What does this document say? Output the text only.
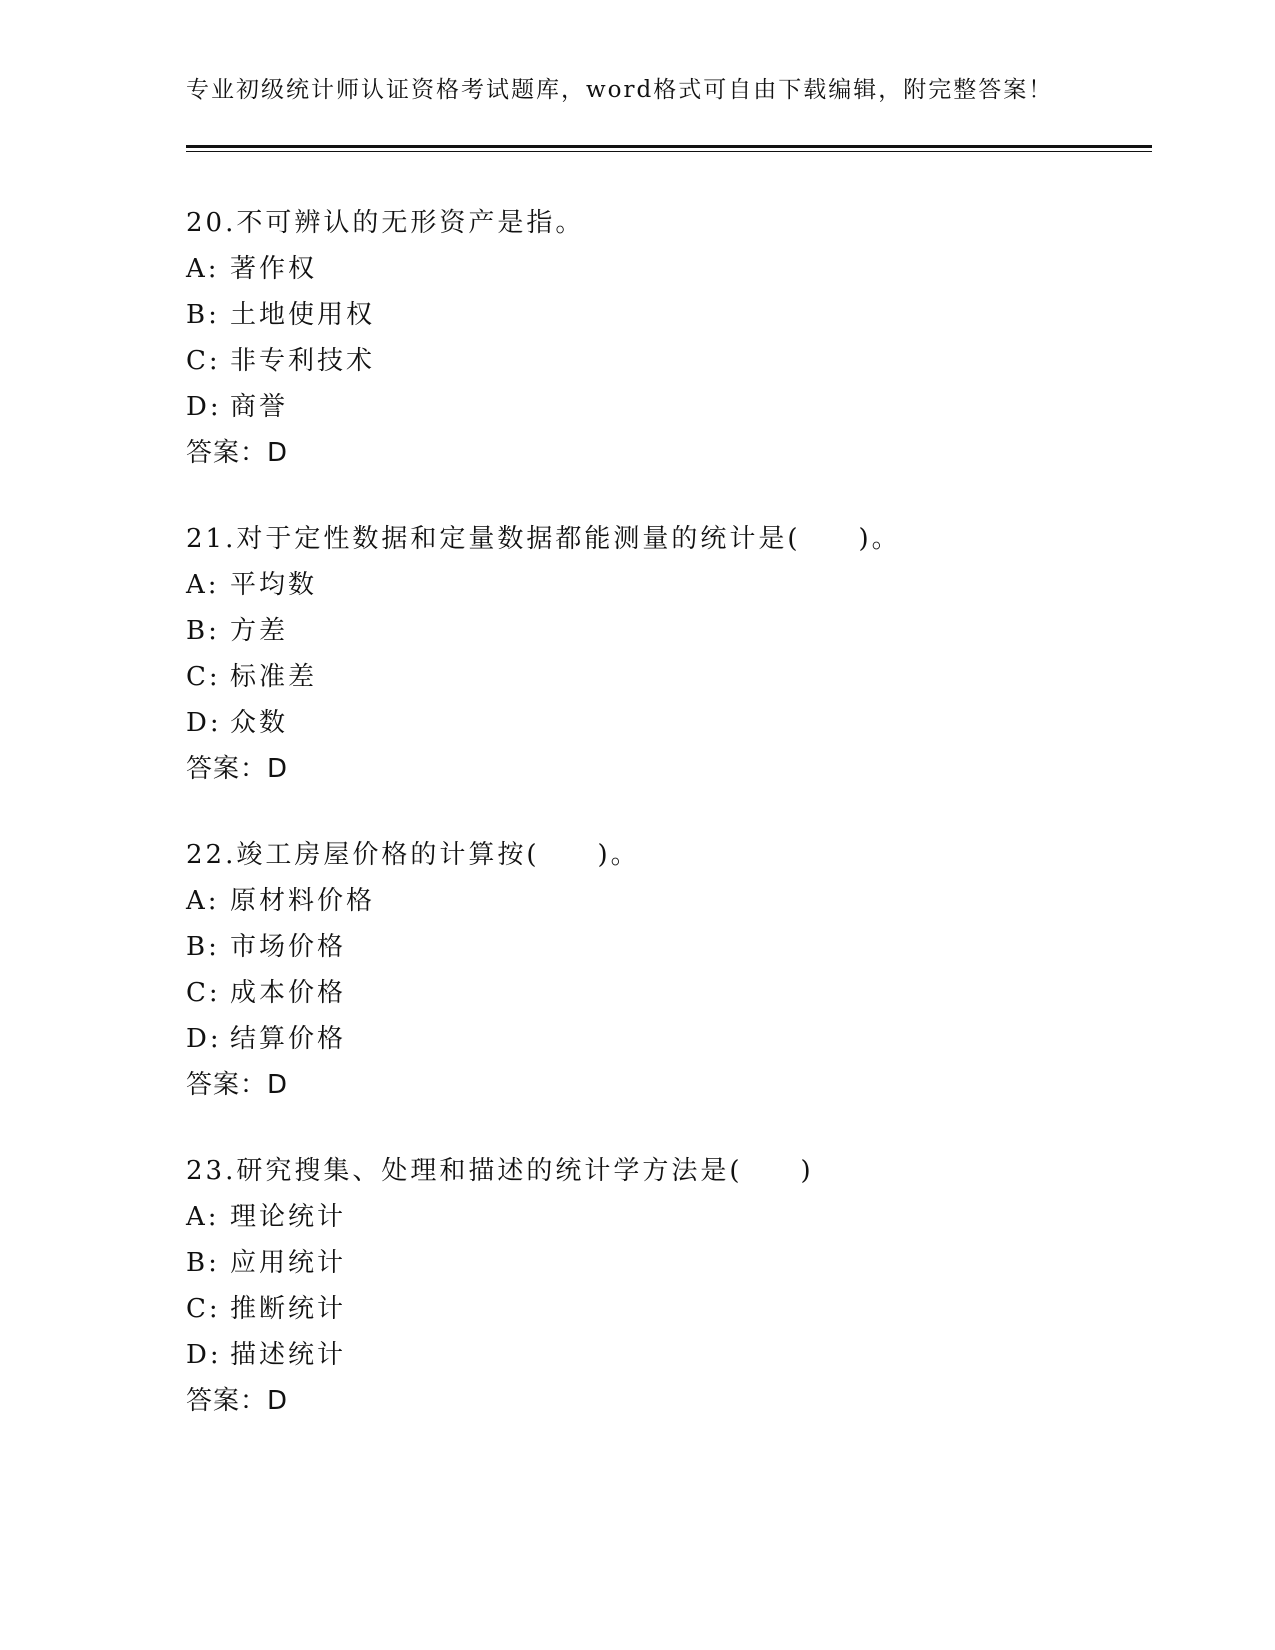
专业初级统计师认证资格考试题库，word格式可自由下载编辑，附完整答案！
20.不可辨认的无形资产是指。
A: 著作权
B: 土地使用权
C: 非专利技术
D: 商誉
答案：D
21.对于定性数据和定量数据都能测量的统计是(　　)。
A: 平均数
B: 方差
C: 标准差
D: 众数
答案：D
22.竣工房屋价格的计算按(　　)。
A: 原材料价格
B: 市场价格
C: 成本价格
D: 结算价格
答案：D
23.研究搜集、处理和描述的统计学方法是(　　)
A: 理论统计
B: 应用统计
C: 推断统计
D: 描述统计
答案：D
